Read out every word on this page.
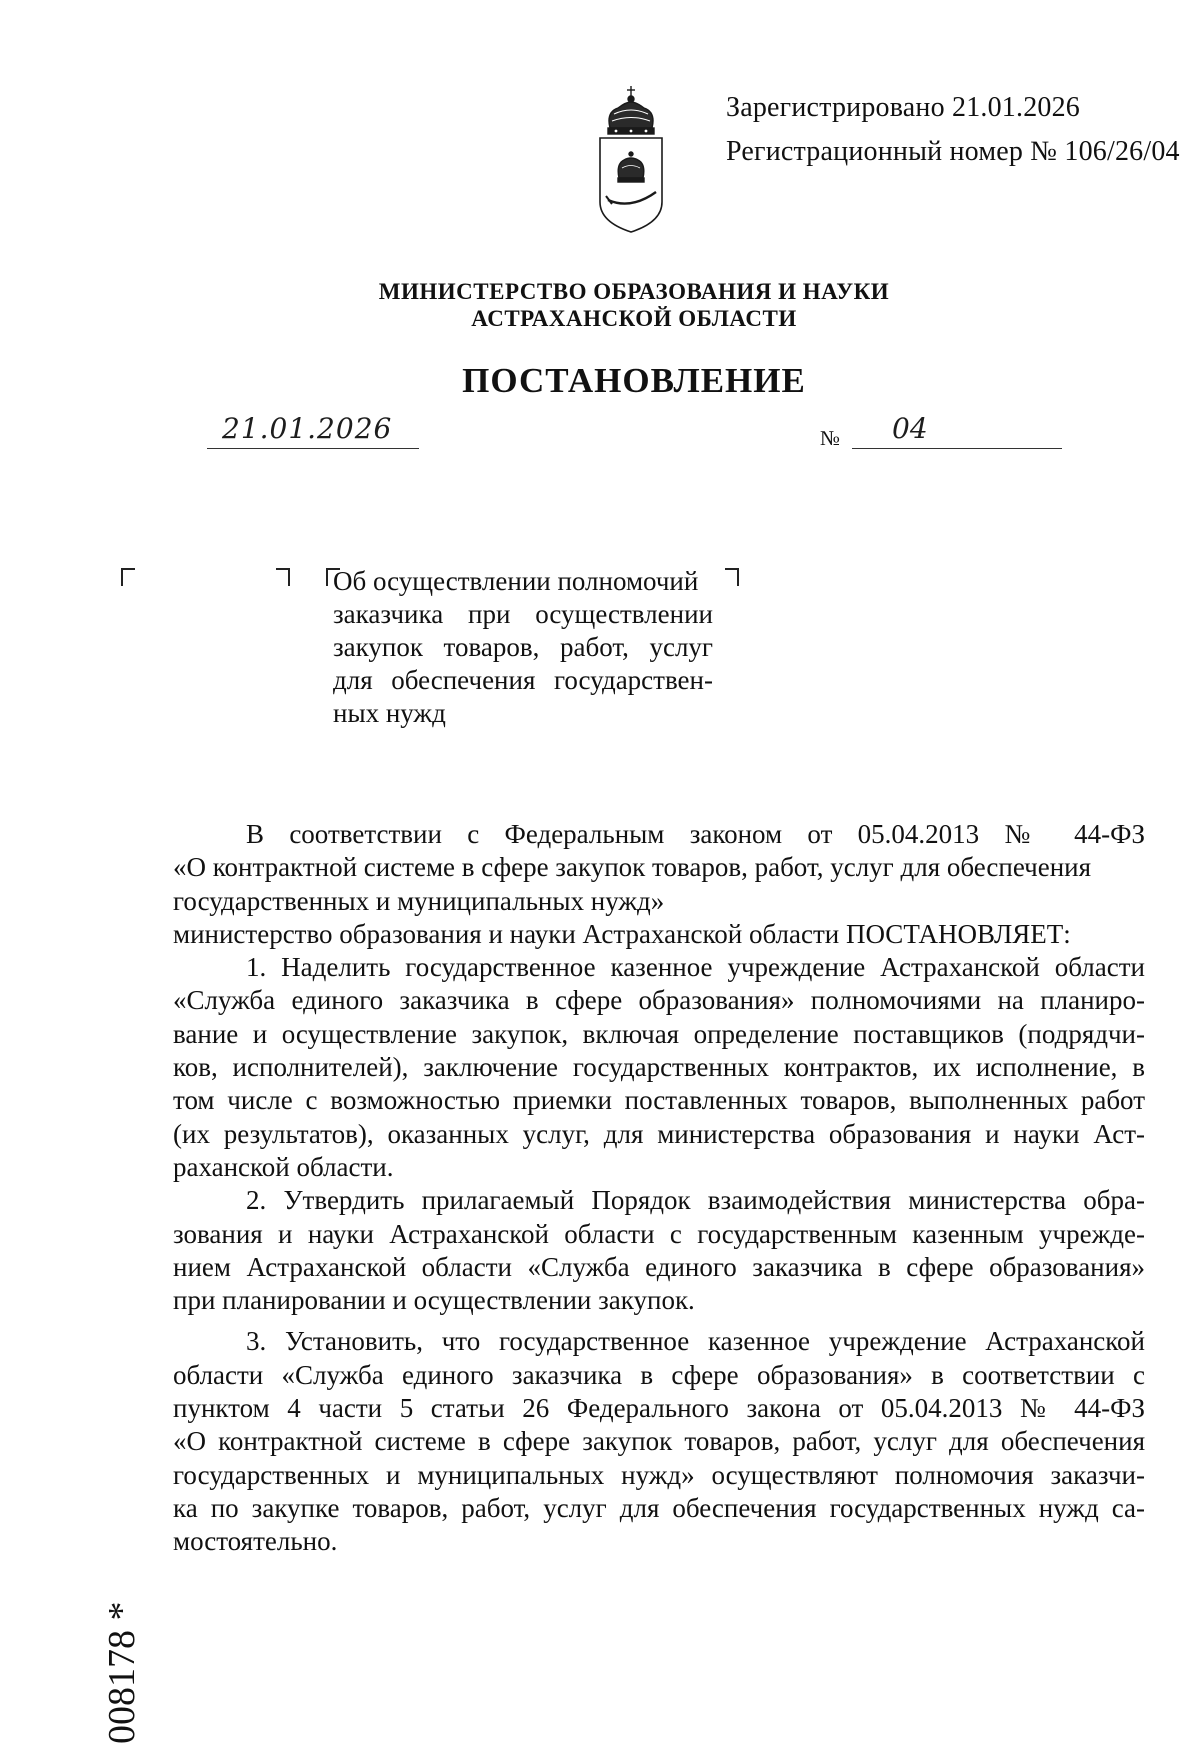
Зарегистрировано 21.01.2026
Регистрационный номер № 106/26/04
МИНИСТЕРСТВО ОБРАЗОВАНИЯ И НАУКИ
АСТРАХАНСКОЙ ОБЛАСТИ
ПОСТАНОВЛЕНИЕ
21.01.2026	№ 04
Об осуществлении полномочий
заказчика при осуществлении
закупок товаров, работ, услуг
для обеспечения государствен-
ных нужд
В соответствии с Федеральным законом от 05.04.2013 № 44-ФЗ
«О контрактной системе в сфере закупок товаров, работ, услуг для обеспечения
государственных и муниципальных нужд»
министерство образования и науки Астраханской области ПОСТАНОВЛЯЕТ:
1. Наделить государственное казенное учреждение Астраханской области
«Служба единого заказчика в сфере образования» полномочиями на планиро-
вание и осуществление закупок, включая определение поставщиков (подрядчи-
ков, исполнителей), заключение государственных контрактов, их исполнение, в
том числе с возможностью приемки поставленных товаров, выполненных работ
(их результатов), оказанных услуг, для министерства образования и науки Аст-
раханской области.
2. Утвердить прилагаемый Порядок взаимодействия министерства обра-
зования и науки Астраханской области с государственным казенным учрежде-
нием Астраханской области «Служба единого заказчика в сфере образования»
при планировании и осуществлении закупок.
3. Установить, что государственное казенное учреждение Астраханской
области «Служба единого заказчика в сфере образования» в соответствии с
пунктом 4 части 5 статьи 26 Федерального закона от 05.04.2013 № 44-ФЗ
«О контрактной системе в сфере закупок товаров, работ, услуг для обеспечения
государственных и муниципальных нужд» осуществляют полномочия заказчи-
ка по закупке товаров, работ, услуг для обеспечения государственных нужд са-
мостоятельно.
008178 *
